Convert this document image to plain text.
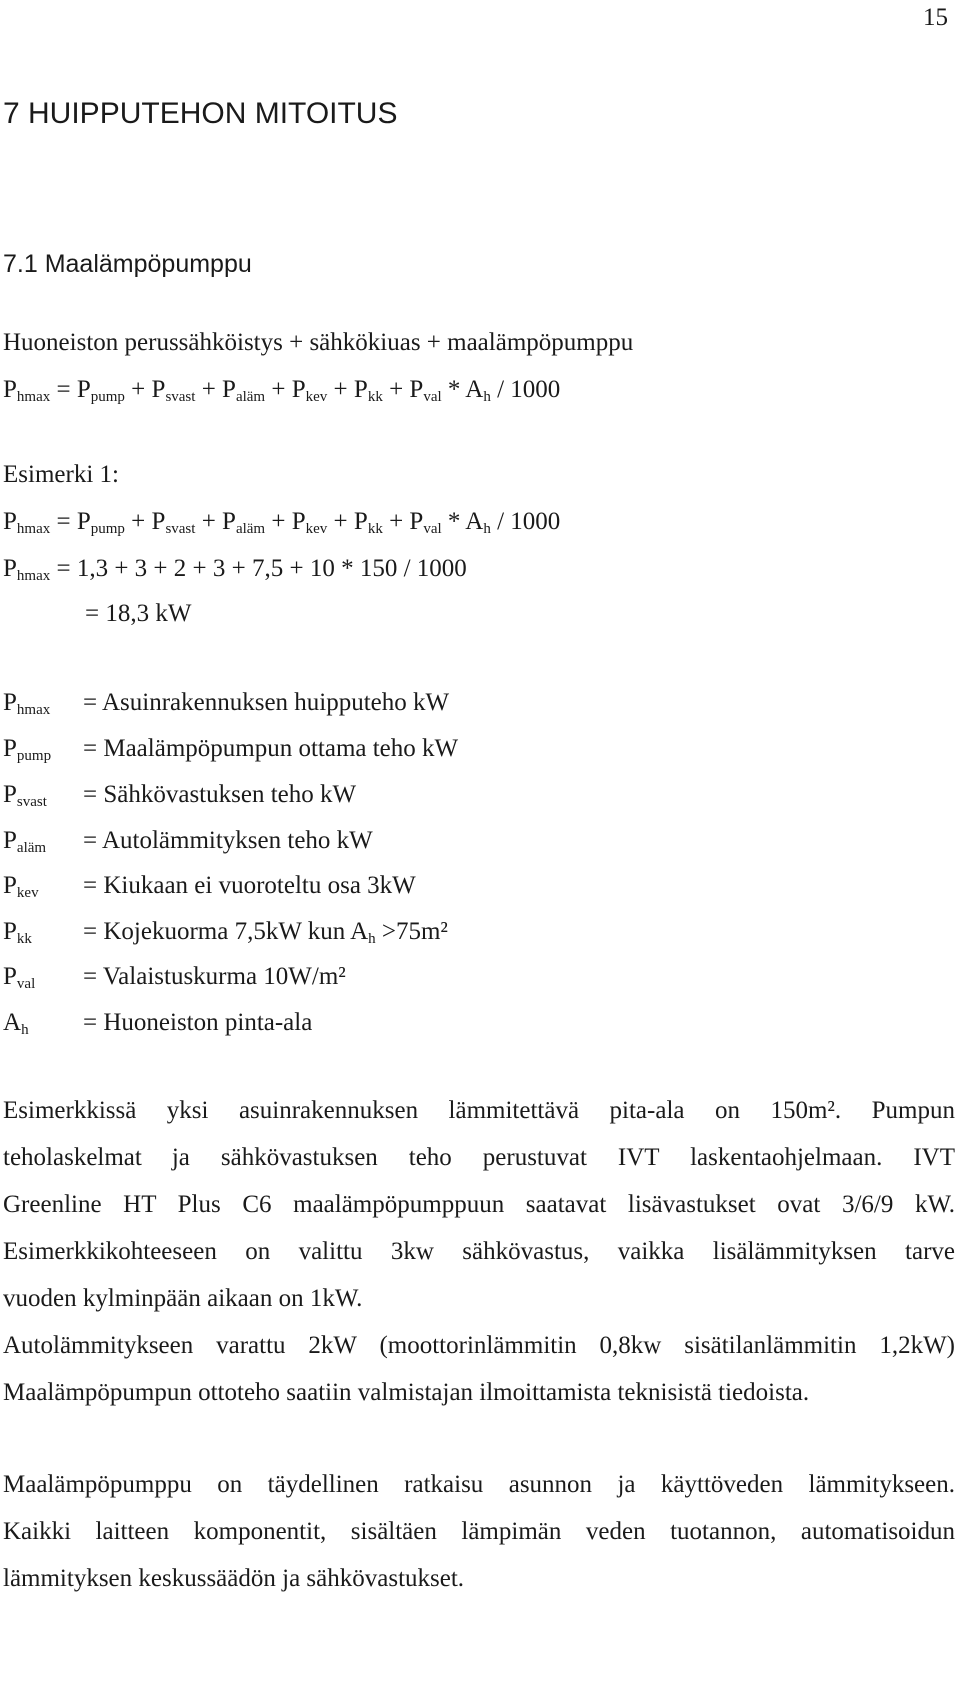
15
7 HUIPPUTEHON MITOITUS
7.1 Maalämpöpumppu
Huoneiston perussähköistys + sähkökiuas + maalämpöpumppu
$P_{hmax} = P_{pump} + P_{svast} + P_{aläm} + P_{kev} + P_{kk} + P_{val} * A_h / 1000$
Esimerki 1:
$P_{hmax} = P_{pump} + P_{svast} + P_{aläm} + P_{kev} + P_{kk} + P_{val} * A_h / 1000$
$P_{hmax} = 1,3 + 3 + 2 + 3 + 7,5 + 10 * 150 / 1000$
= 18,3 kW
$P_{hmax}$ = Asuinrakennuksen huipputeho kW
$P_{pump}$ = Maalämpöpumpun ottama teho kW
$P_{svast}$ = Sähkövastuksen teho kW
$P_{aläm}$ = Autolämmityksen teho kW
$P_{kev}$ = Kiukaan ei vuoroteltu osa 3kW
$P_{kk}$ = Kojekuorma 7,5kW kun $A_h >75m^2$
$P_{val}$ = Valaistuskurma 10W/m²
$A_h$ = Huoneiston pinta-ala
Esimerkkissä yksi asuinrakennuksen lämmitettävä pita-ala on 150m². Pumpun
teholaskelmat ja sähkövastuksen teho perustuvat IVT laskentaohjelmaan. IVT
Greenline HT Plus C6 maalämpöpumppuun saatavat lisävastukset ovat 3/6/9 kW.
Esimerkkikohteeseen on valittu 3kw sähkövastus, vaikka lisälämmityksen tarve
vuoden kylminpään aikaan on 1kW.
Autolämmitykseen varattu 2kW (moottorinlämmitin 0,8kw sisätilanlämmitin 1,2kW)
Maalämpöpumpun ottoteho saatiin valmistajan ilmoittamista teknisistä tiedoista.
Maalämpöpumppu on täydellinen ratkaisu asunnon ja käyttöveden lämmitykseen.
Kaikki laitteen komponentit, sisältäen lämpimän veden tuotannon, automatisoidun
lämmityksen keskussäädön ja sähkövastukset.
